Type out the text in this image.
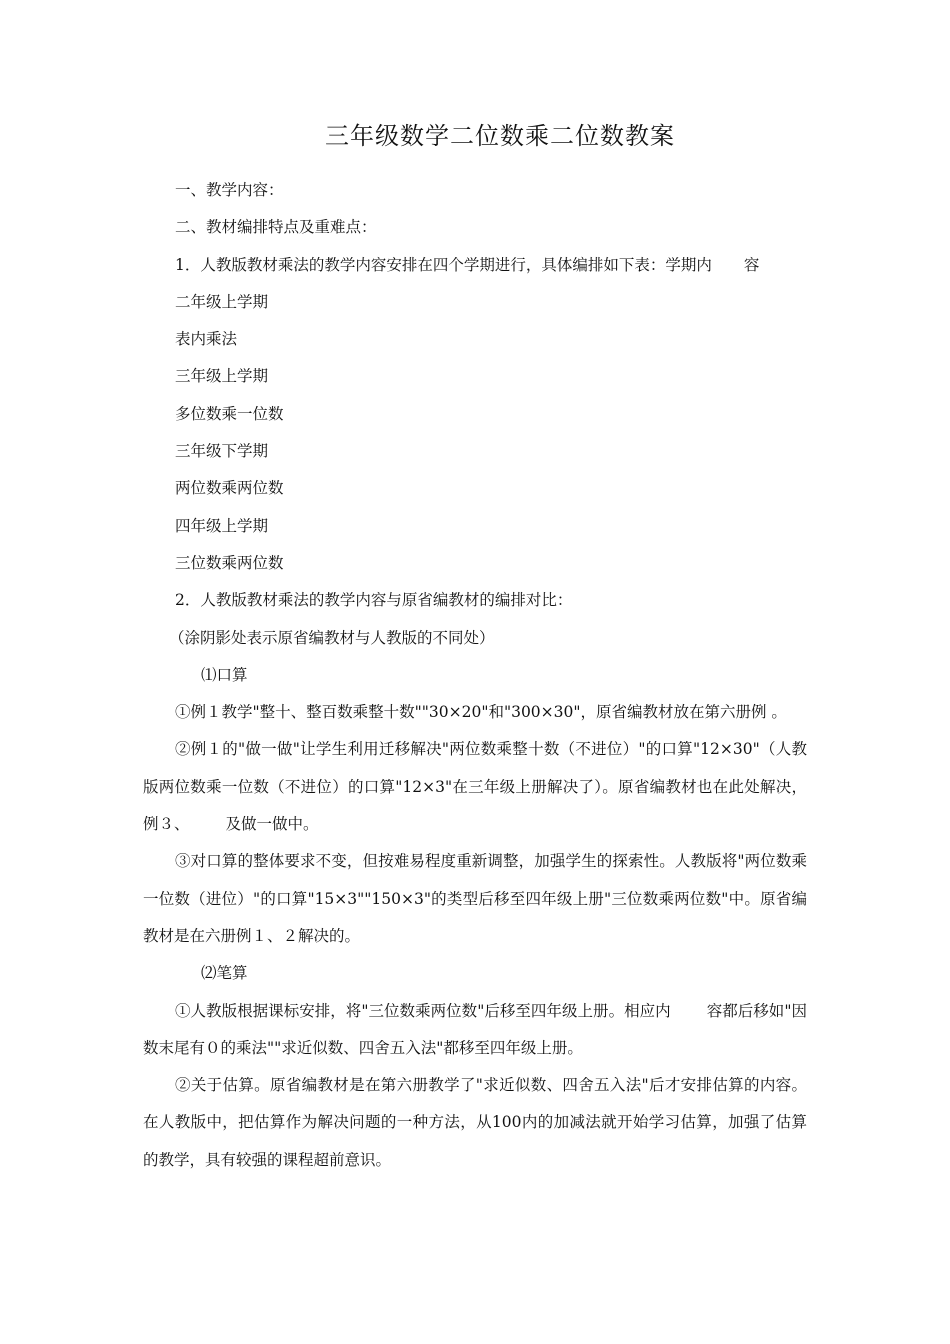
三年级数学二位数乘二位数教案

一、教学内容：

二、教材编排特点及重难点：

1．人教版教材乘法的教学内容安排在四个学期进行，具体编排如下表：学期内 容

二年级上学期

表内乘法

三年级上学期

多位数乘一位数

三年级下学期

两位数乘两位数

四年级上学期

三位数乘两位数

2．人教版教材乘法的教学内容与原省编教材的编排对比：

（涂阴影处表示原省编教材与人教版的不同处）

⑴口算

①例１教学"整十、整百数乘整十数""30×20"和"300×30"，原省编教材放在第六册例 。

②例１的"做一做"让学生利用迁移解决"两位数乘整十数（不进位）"的口算"12×30"（人教版两位数乘一位数（不进位）的口算"12×3"在三年级上册解决了）。原省编教材也在此处解决，例３、 及做一做中。

③对口算的整体要求不变，但按难易程度重新调整，加强学生的探索性。人教版将"两位数乘一位数（进位）"的口算"15×3""150×3"的类型后移至四年级上册"三位数乘两位数"中。原省编教材是在六册例１、２解决的。

⑵笔算

①人教版根据课标安排，将"三位数乘两位数"后移至四年级上册。相应内 容都后移如"因数末尾有０的乘法""求近似数、四舍五入法"都移至四年级上册。

②关于估算。原省编教材是在第六册教学了"求近似数、四舍五入法"后才安排估算的内容。在人教版中，把估算作为解决问题的一种方法，从100内的加减法就开始学习估算，加强了估算的教学，具有较强的课程超前意识。
